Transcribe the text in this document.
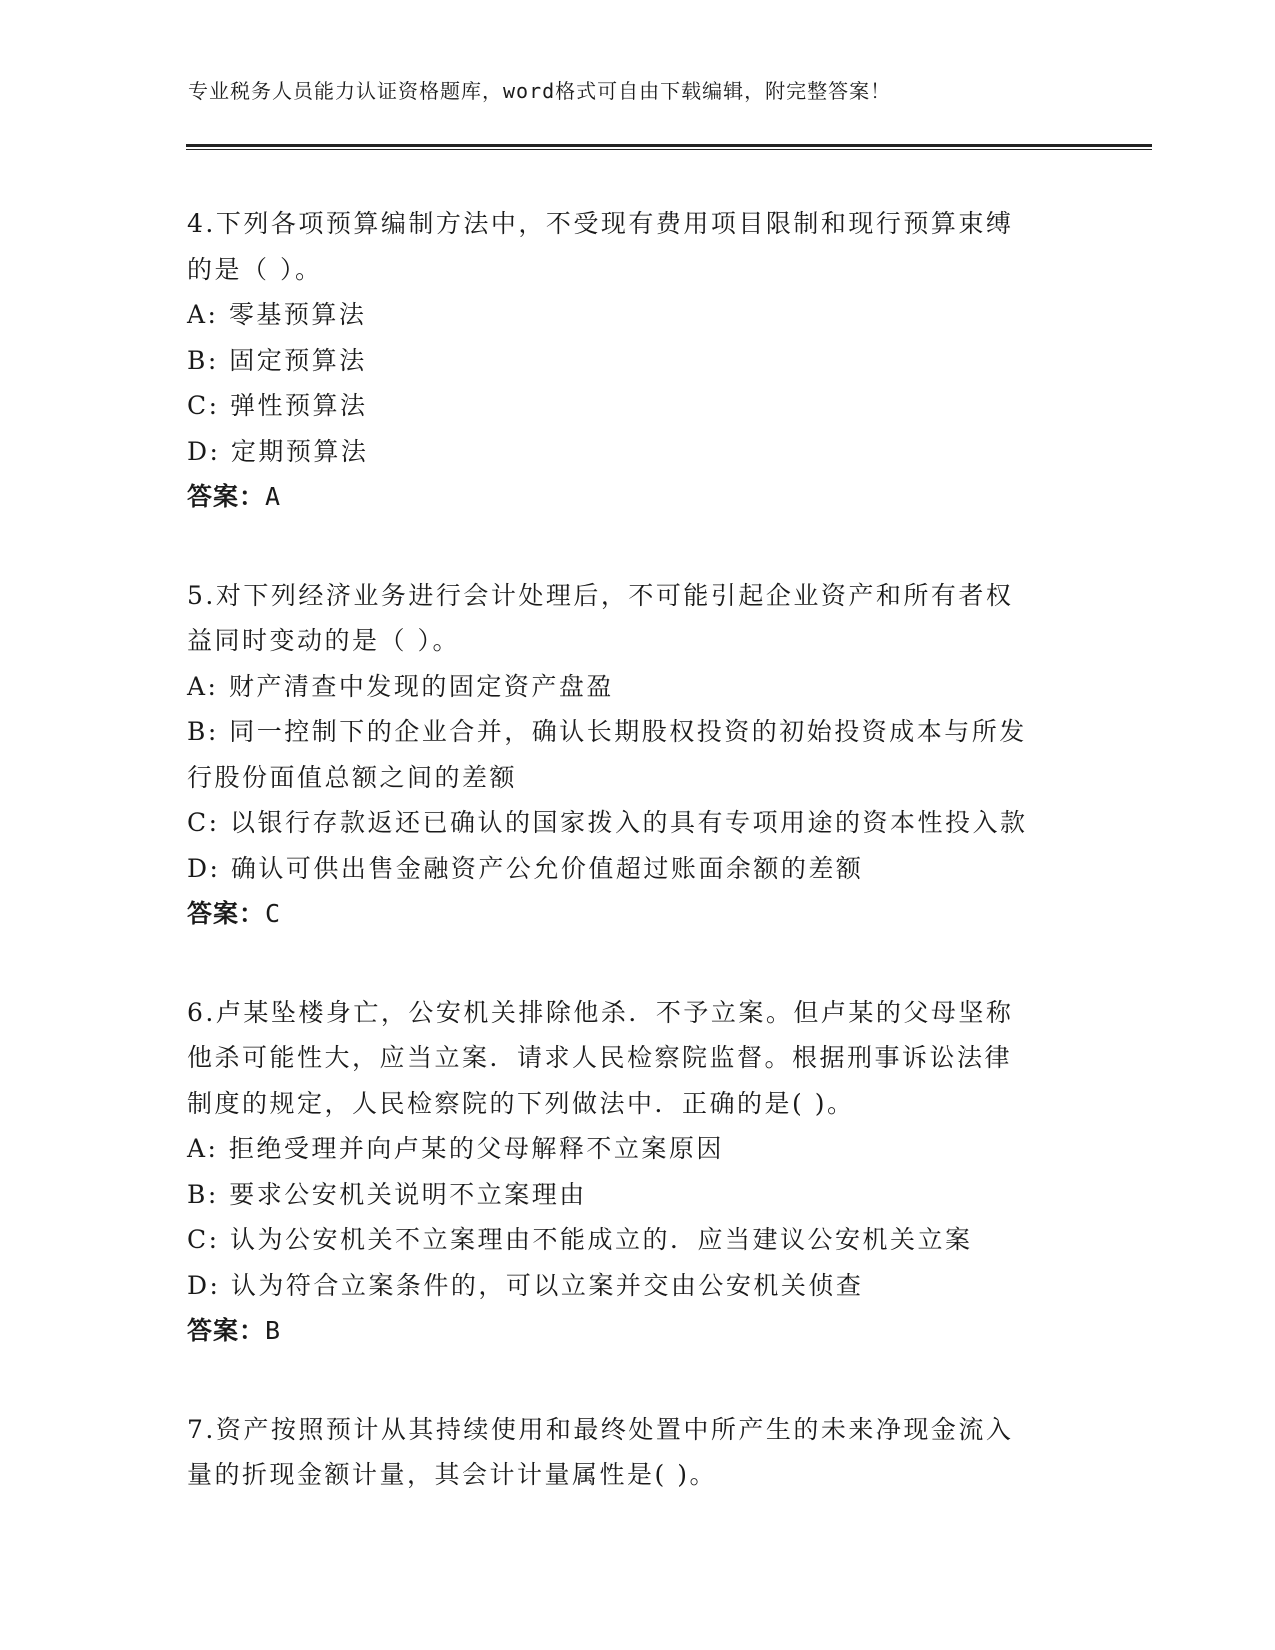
专业税务人员能力认证资格题库，word格式可自由下载编辑，附完整答案！
4.下列各项预算编制方法中，不受现有费用项目限制和现行预算束缚
的是（ ）。
A: 零基预算法
B: 固定预算法
C: 弹性预算法
D: 定期预算法
答案：A
5.对下列经济业务进行会计处理后，不可能引起企业资产和所有者权
益同时变动的是（ ）。
A: 财产清查中发现的固定资产盘盈
B: 同一控制下的企业合并，确认长期股权投资的初始投资成本与所发
行股份面值总额之间的差额
C: 以银行存款返还已确认的国家拨入的具有专项用途的资本性投入款
D: 确认可供出售金融资产公允价值超过账面余额的差额
答案：C
6.卢某坠楼身亡，公安机关排除他杀．不予立案。但卢某的父母坚称
他杀可能性大，应当立案．请求人民检察院监督。根据刑事诉讼法律
制度的规定，人民检察院的下列做法中．正确的是( )。
A: 拒绝受理并向卢某的父母解释不立案原因
B: 要求公安机关说明不立案理由
C: 认为公安机关不立案理由不能成立的．应当建议公安机关立案
D: 认为符合立案条件的，可以立案并交由公安机关侦查
答案：B
7.资产按照预计从其持续使用和最终处置中所产生的未来净现金流入
量的折现金额计量，其会计计量属性是( )。
